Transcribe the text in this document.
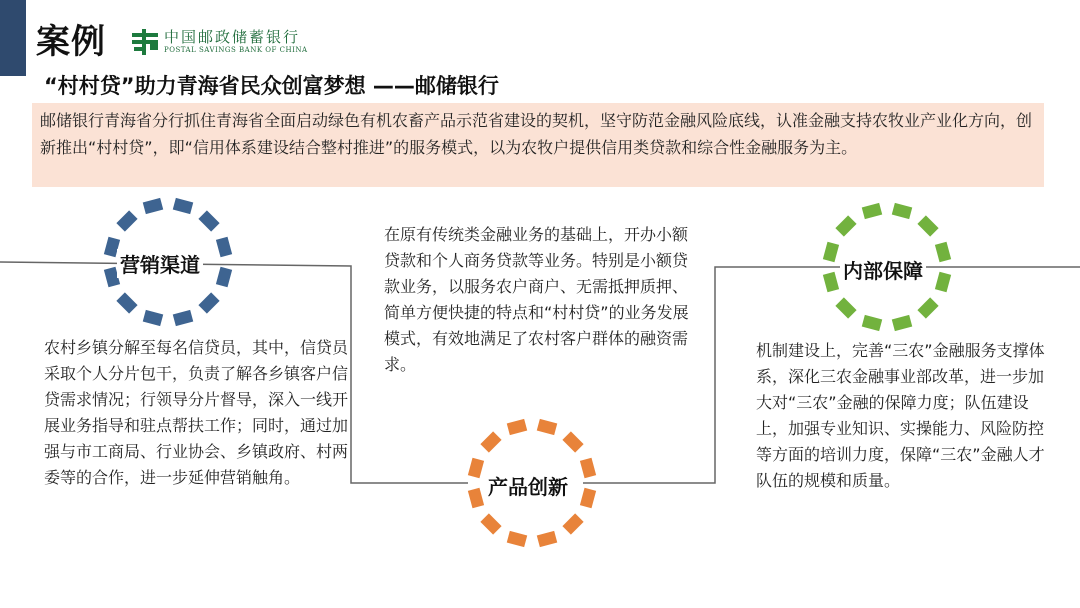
案例	中国邮政储蓄银行
POSTAL SAVINGS BANK OF CHINA
“村村贷”助力青海省民众创富梦想 ——邮储银行
邮储银行青海省分行抓住青海省全面启动绿色有机农畜产品示范省建设的契机，坚守防范金融风险底线，认准金融支持农牧业产业化方向，创新推出“村村贷”，即“信用体系建设结合整村推进”的服务模式，以为农牧户提供信用类贷款和综合性金融服务为主。
营销渠道
产品创新
内部保障
农村乡镇分解至每名信贷员，其中，信贷员采取个人分片包干，负责了解各乡镇客户信贷需求情况；行领导分片督导，深入一线开展业务指导和驻点帮扶工作；同时，通过加强与市工商局、行业协会、乡镇政府、村两委等的合作，进一步延伸营销触角。
在原有传统类金融业务的基础上，开办小额贷款和个人商务贷款等业务。特别是小额贷款业务，以服务农户商户、无需抵押质押、简单方便快捷的特点和“村村贷”的业务发展模式，有效地满足了农村客户群体的融资需求。
机制建设上，完善“三农”金融服务支撑体系，深化三农金融事业部改革，进一步加大对“三农”金融的保障力度；队伍建设上，加强专业知识、实操能力、风险防控等方面的培训力度，保障“三农”金融人才队伍的规模和质量。
